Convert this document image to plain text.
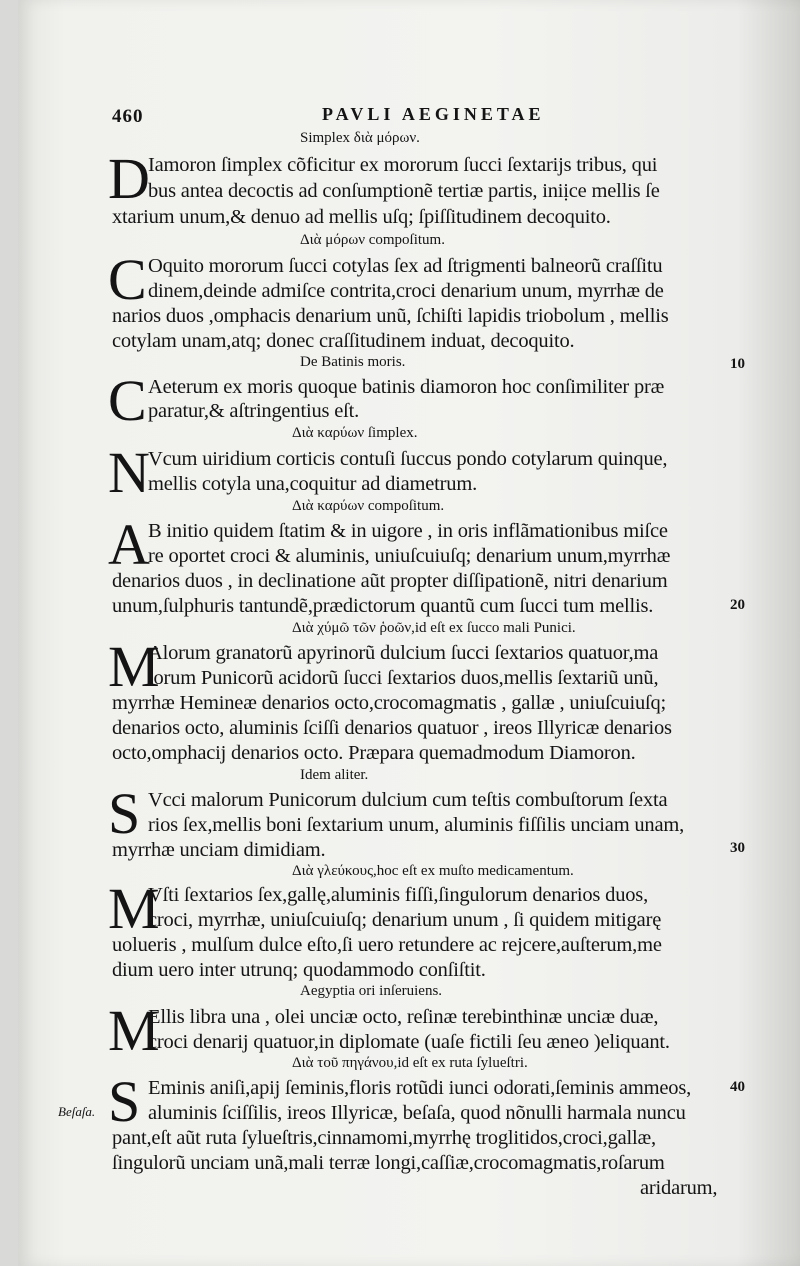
460	PAVLI AEGINETAE
Simplex διὰ μόρων.
D
Iamoron ſimplex cõficitur ex mororum ſucci ſextarijs tribus, qui
bus antea decoctis ad conſumptionẽ tertiæ partis, iniịce mellis ſe
xtarium unum,& denuo ad mellis uſq; ſpiſſitudinem decoquito.
Διὰ μόρων compoſitum.
C Oquito mororum ſucci cotylas ſex ad ſtrigmenti balneorũ craſſitu
dinem,deinde admiſce contrita,croci denarium unum, myrrhæ de
narios duos ,omphacis denarium unũ, ſchiſti lapidis triobolum , mellis
cotylam unam,atq; donec craſſitudinem induat, decoquito.
De Batinis moris.	10
C Aeterum ex moris quoque batinis diamoron hoc conſimiliter præ
paratur,& aſtringentius eſt.
Διὰ καρύων ſimplex.
N
Vcum uiridium corticis contuſi ſuccus pondo cotylarum quinque,
mellis cotyla una,coquitur ad diametrum.
Διὰ καρύων compoſitum.
A
B initio quidem ſtatim & in uigore , in oris inflãmationibus miſce
re oportet croci & aluminis, uniuſcuiuſq; denarium unum,myrrhæ
denarios duos , in declinatione aũt propter diſſipationẽ, nitri denarium
unum,ſulphuris tantundẽ,prædictorum quantũ cum ſucci tum mellis.	20
Διὰ χύμῶ τῶν ῥοῶν,id eſt ex ſucco mali Punici.
M
Alorum granatorũ apyrinorũ dulcium ſucci ſextarios quatuor,ma
lorum Punicorũ acidorũ ſucci ſextarios duos,mellis ſextariũ unũ,
myrrhæ Hemineæ denarios octo,crocomagmatis , gallæ , uniuſcuiuſq;
denarios octo, aluminis ſciſſi denarios quatuor , ireos Illyricæ denarios
octo,omphacij denarios octo. Præpara quemadmodum Diamoron.
Idem aliter.
S Vcci malorum Punicorum dulcium cum teſtis combuſtorum ſexta
rios ſex,mellis boni ſextarium unum, aluminis fiſſilis unciam unam,
myrrhæ unciam dimidiam.	30
Διὰ γλεύκους,hoc eſt ex muſto medicamentum.
M
Vſti ſextarios ſex,gallę,aluminis fiſſi,ſingulorum denarios duos,
croci, myrrhæ, uniuſcuiuſq; denarium unum , ſi quidem mitigarę
uolueris , mulſum dulce eſto,ſi uero retundere ac rejcere,auſterum,me
dium uero inter utrunq; quodammodo conſiſtit.
Aegyptia ori inſeruiens.
M
Ellis libra una , olei unciæ octo, reſinæ terebinthinæ unciæ duæ,
croci denarij quatuor,in diplomate (uaſe fictili ſeu æneo )eliquant.
Διὰ τοῦ πηγάνου,id eſt ex ruta ſylueſtri.
S Eminis aniſi,apij ſeminis,floris rotũdi iunci odorati,ſeminis ammeos,	40
Beſaſa.	aluminis ſciſſilis, ireos Illyricæ, beſaſa, quod nõnulli harmala nuncu
pant,eſt aũt ruta ſylueſtris,cinnamomi,myrrhę troglitidos,croci,gallæ,
ſingulorũ unciam unã,mali terræ longi,caſſiæ,crocomagmatis,roſarum
aridarum,
